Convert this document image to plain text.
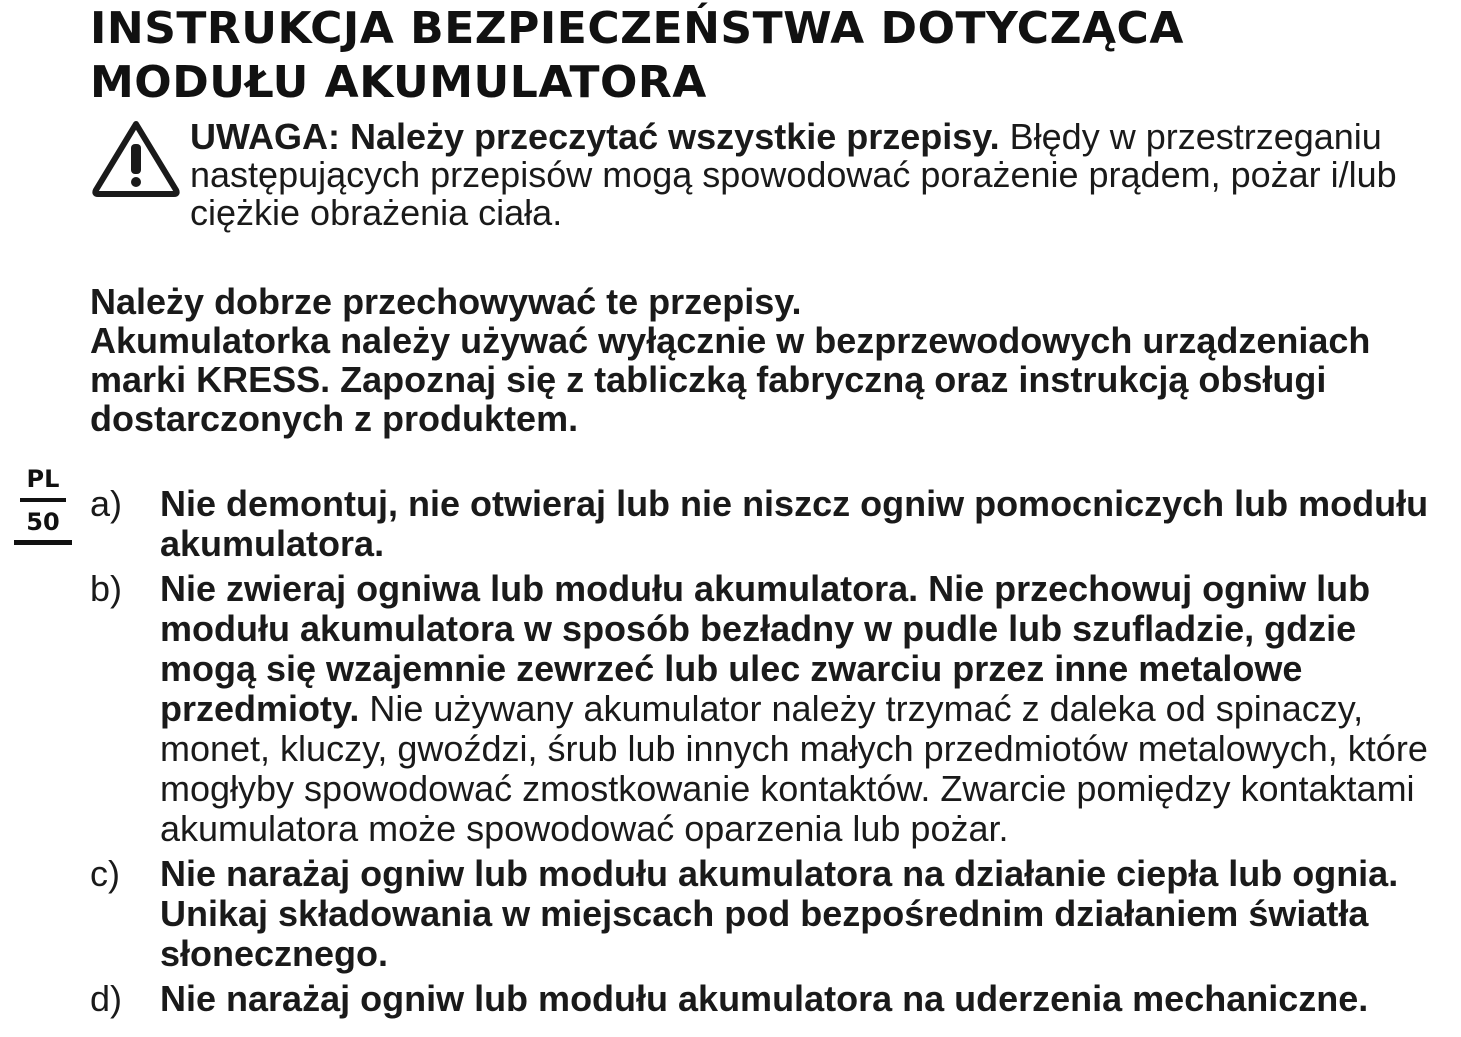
INSTRUKCJA BEZPIECZEŃSTWA DOTYCZĄCA
MODUŁU AKUMULATORA
UWAGA: Należy przeczytać wszystkie przepisy. Błędy w przestrzeganiu następujących przepisów mogą spowodować porażenie prądem, pożar i/lub ciężkie obrażenia ciała.

Należy dobrze przechowywać te przepisy.

Akumulatorka należy używać wyłącznie w bezprzewodowych urządzeniach marki KRESS. Zapoznaj się z tabliczką fabryczną oraz instrukcją obsługi dostarczonych z produktem.

PL
50 a) Nie demontuj, nie otwieraj lub nie niszcz ogniw pomocniczych lub modułu akumulatora.
b) Nie zwieraj ogniwa lub modułu akumulatora. Nie przechowuj ogniw lub modułu akumulatora w sposób bezładny w pudle lub szufladzie, gdzie mogą się wzajemnie zewrzeć lub ulec zwarciu przez inne metalowe przedmioty. Nie używany akumulator należy trzymać z daleka od spinaczy, monet, kluczy, gwoździ, śrub lub innych małych przedmiotów metalowych, które mogłyby spowodować zmostkowanie kontaktów. Zwarcie pomiędzy kontaktami akumulatora może spowodować oparzenia lub pożar.
c) Nie narażaj ogniw lub modułu akumulatora na działanie ciepła lub ognia. Unikaj składowania w miejscach pod bezpośrednim działaniem światła słonecznego.
d) Nie narażaj ogniw lub modułu akumulatora na uderzenia mechaniczne.
